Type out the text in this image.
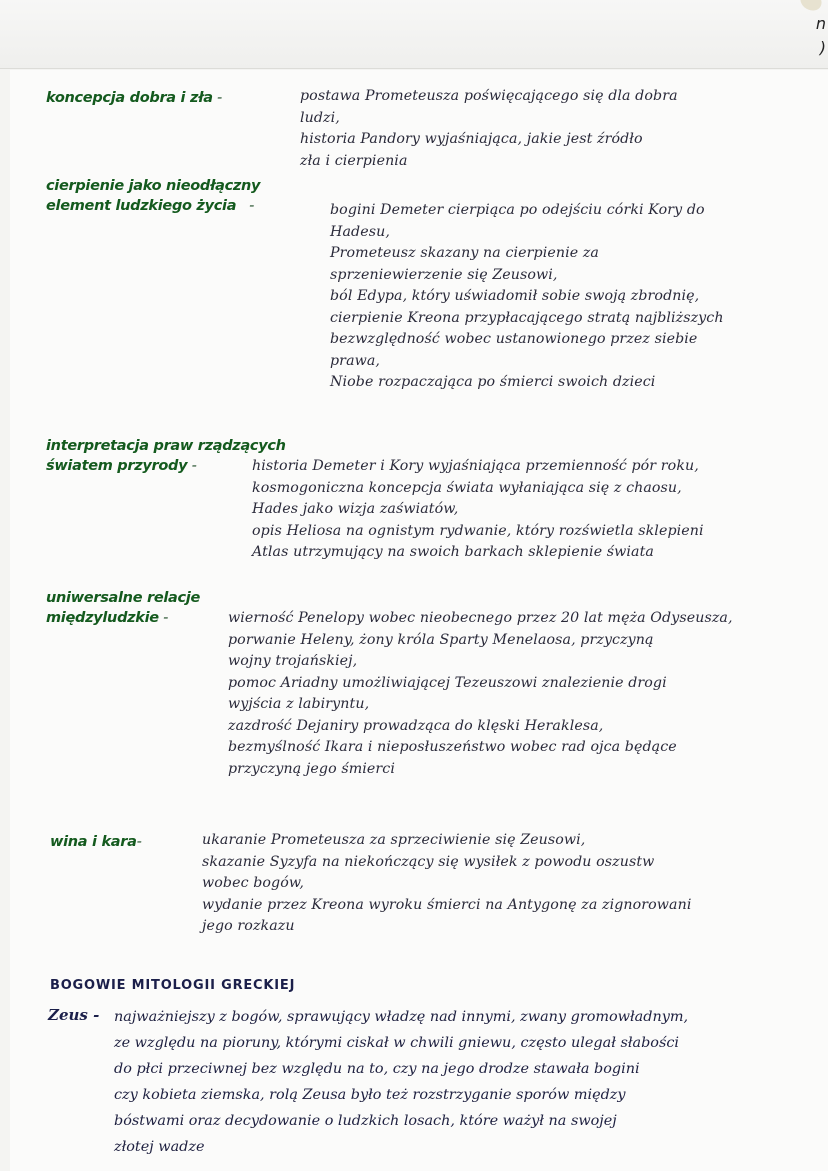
n
)
koncepcja dobra i zła -	postawa Prometeusza poświęcającego się dla dobra
ludzi,
historia Pandory wyjaśniająca, jakie jest źródło
zła i cierpienia
cierpienie jako nieodłączny
element ludzkiego życia   -	bogini Demeter cierpiąca po odejściu córki Kory do
Hadesu,
Prometeusz skazany na cierpienie za
sprzeniewierzenie się Zeusowi,
ból Edypa, który uświadomił sobie swoją zbrodnię,
cierpienie Kreona przypłacającego stratą najbliższych
bezwzględność wobec ustanowionego przez siebie
prawa,
Niobe rozpaczająca po śmierci swoich dzieci
interpretacja praw rządzących
światem przyrody -	historia Demeter i Kory wyjaśniająca przemienność pór roku,
kosmogoniczna koncepcja świata wyłaniająca się z chaosu,
Hades jako wizja zaświatów,
opis Heliosa na ognistym rydwanie, który rozświetla sklepieni
Atlas utrzymujący na swoich barkach sklepienie świata
uniwersalne relacje
międzyludzkie -	wierność Penelopy wobec nieobecnego przez 20 lat męża Odyseusza,
porwanie Heleny, żony króla Sparty Menelaosa, przyczyną
wojny trojańskiej,
pomoc Ariadny umożliwiającej Tezeuszowi znalezienie drogi
wyjścia z labiryntu,
zazdrość Dejaniry prowadząca do klęski Heraklesa,
bezmyślność Ikara i nieposłuszeństwo wobec rad ojca będące
przyczyną jego śmierci
wina i kara-	ukaranie Prometeusza za sprzeciwienie się Zeusowi,
skazanie Syzyfa na niekończący się wysiłek z powodu oszustw
wobec bogów,
wydanie przez Kreona wyroku śmierci na Antygonę za zignorowani
jego rozkazu
BOGOWIE MITOLOGII GRECKIEJ
Zeus - najważniejszy z bogów, sprawujący władzę nad innymi, zwany gromowładnym,
ze względu na pioruny, którymi ciskał w chwili gniewu, często ulegał słabości
do płci przeciwnej bez względu na to, czy na jego drodze stawała bogini
czy kobieta ziemska, rolą Zeusa było też rozstrzyganie sporów między
bóstwami oraz decydowanie o ludzkich losach, które ważył na swojej
złotej wadze
